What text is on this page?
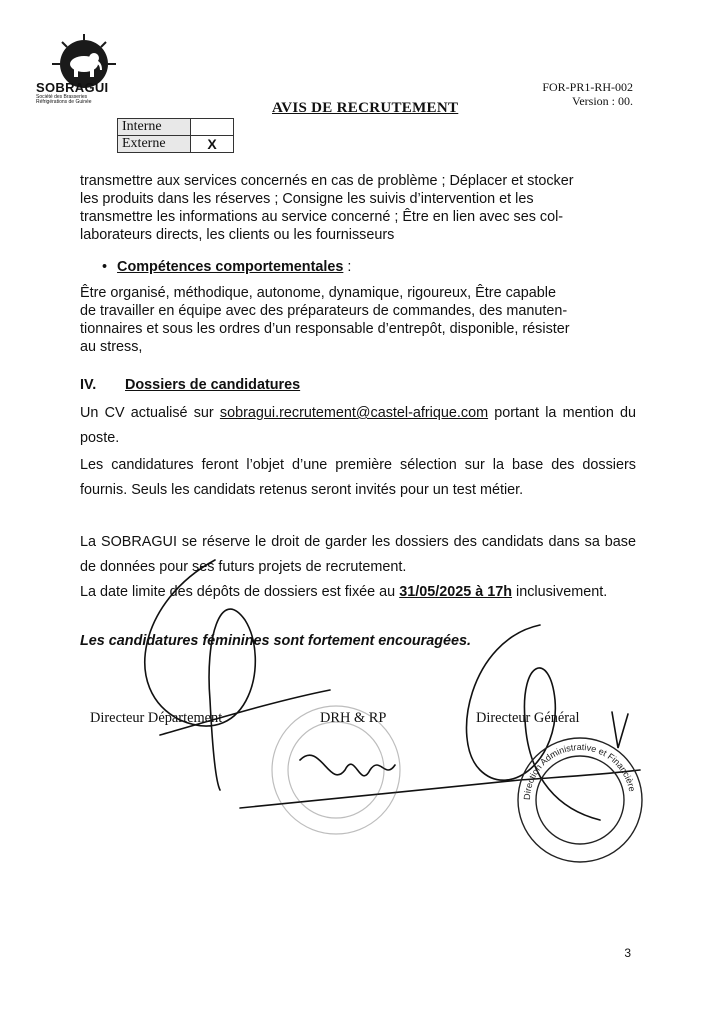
SOBRAGUI
Société des Brasseries Réfrigérations de Guinée
FOR-PR1-RH-002
Version : 00.
AVIS DE RECRUTEMENT
Interne	
Externe	X
transmettre aux services concernés en cas de problème ; Déplacer et stocker
les produits dans les réserves ; Consigne les suivis d’intervention et les
transmettre les informations au service concerné ; Être en lien avec ses col-
laborateurs directs, les clients ou les fournisseurs
• Compétences comportementales :
Être organisé, méthodique, autonome, dynamique, rigoureux, Être capable
de travailler en équipe avec des préparateurs de commandes, des manuten-
tionnaires et sous les ordres d’un responsable d’entrepôt, disponible, résister
au stress,
IV. Dossiers de candidatures
Un CV actualisé sur sobragui.recrutement@castel-afrique.com portant la mention du poste.
Les candidatures feront l’objet d’une première sélection sur la base des dossiers fournis. Seuls les candidats retenus seront invités pour un test métier.
La SOBRAGUI se réserve le droit de garder les dossiers des candidats dans sa base de données pour ses futurs projets de recrutement.
La date limite des dépôts de dossiers est fixée au 31/05/2025 à 17h inclusivement.
Les candidatures féminines sont fortement encouragées.
Directeur Département	DRH & RP	Directeur Général
Direction Administrative et Financière
3
